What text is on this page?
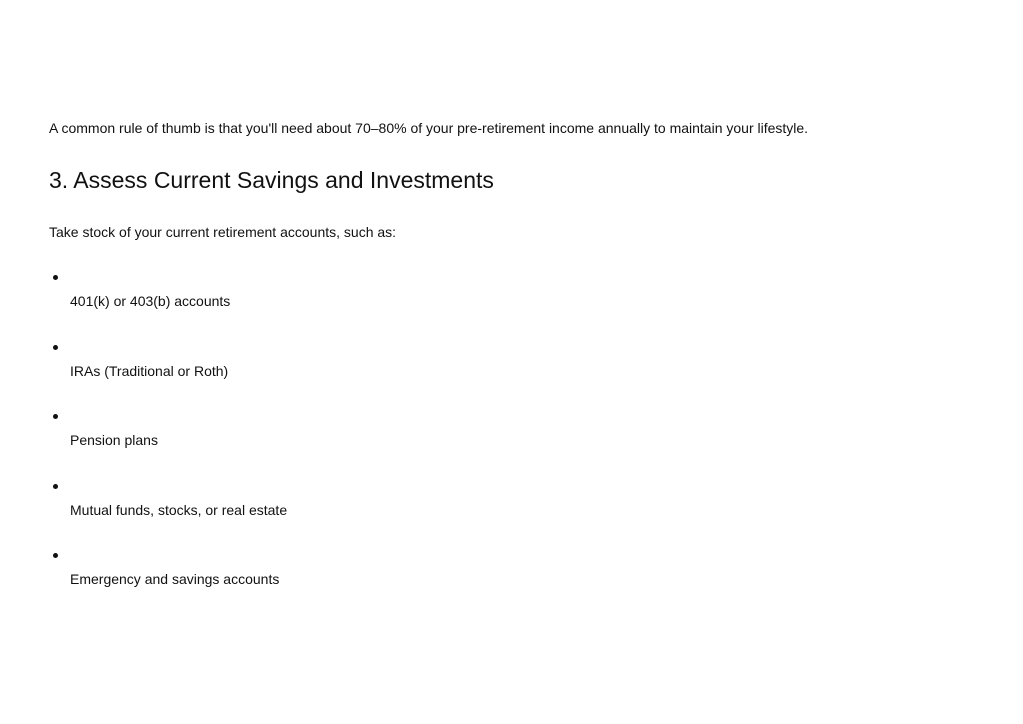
A common rule of thumb is that you'll need about 70–80% of your pre-retirement income annually to maintain your lifestyle.

3. Assess Current Savings and Investments

Take stock of your current retirement accounts, such as:

401(k) or 403(b) accounts
IRAs (Traditional or Roth)
Pension plans
Mutual funds, stocks, or real estate
Emergency and savings accounts
